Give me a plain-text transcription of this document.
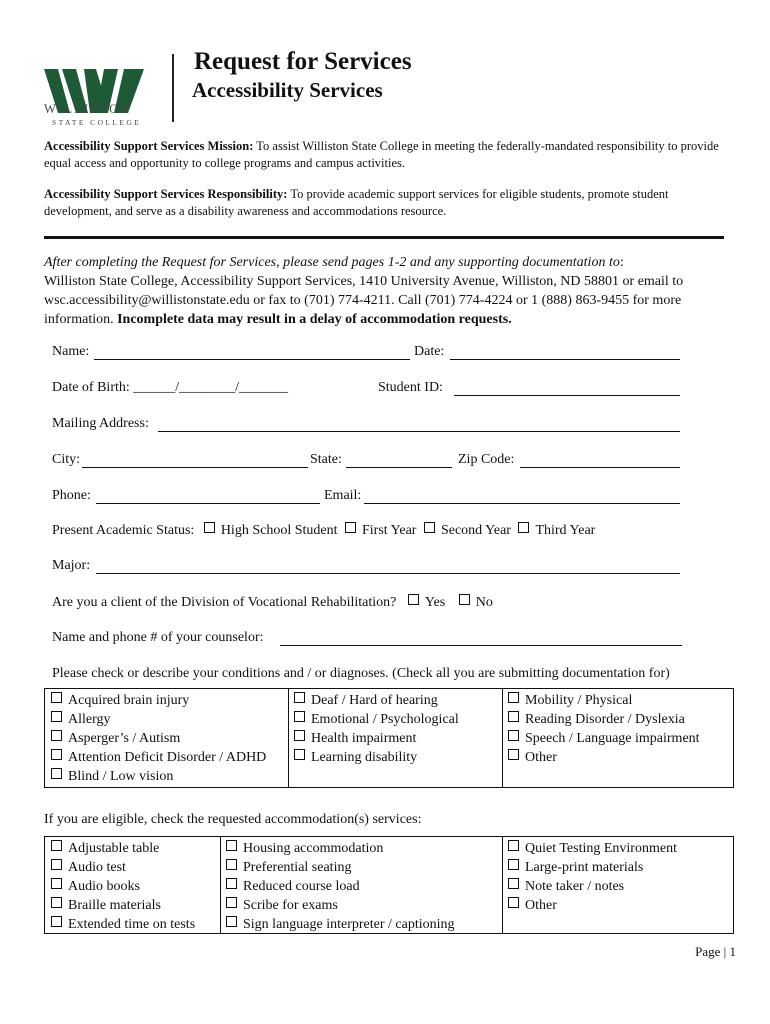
WILLISTON
STATE COLLEGE
Request for Services
Accessibility Services
Accessibility Support Services Mission: To assist Williston State College in meeting the federally-mandated responsibility to provide equal access and opportunity to college programs and campus activities.
Accessibility Support Services Responsibility: To provide academic support services for eligible students, promote student development, and serve as a disability awareness and accommodations resource.
After completing the Request for Services, please send pages 1-2 and any supporting documentation to:
Williston State College, Accessibility Support Services, 1410 University Avenue, Williston, ND 58801 or email to wsc.accessibility@willistonstate.edu or fax to (701) 774-4211. Call (701) 774-4224 or 1 (888) 863-9455 for more information. Incomplete data may result in a delay of accommodation requests.
Name:	Date:
Date of Birth: ______/________/_______	Student ID:
Mailing Address:
City:	State:	Zip Code:
Phone:	Email:
Present Academic Status: High School Student First Year Second Year Third Year
Major:
Are you a client of the Division of Vocational Rehabilitation? Yes No
Name and phone # of your counselor:
Please check or describe your conditions and / or diagnoses. (Check all you are submitting documentation for)
Acquired brain injury
Allergy
Asperger’s / Autism
Attention Deficit Disorder / ADHD
Blind / Low vision
Deaf / Hard of hearing
Emotional / Psychological
Health impairment
Learning disability
Mobility / Physical
Reading Disorder / Dyslexia
Speech / Language impairment
Other
If you are eligible, check the requested accommodation(s) services:
Adjustable table
Audio test
Audio books
Braille materials
Extended time on tests
Housing accommodation
Preferential seating
Reduced course load
Scribe for exams
Sign language interpreter / captioning
Quiet Testing Environment
Large-print materials
Note taker / notes
Other
Page | 1
